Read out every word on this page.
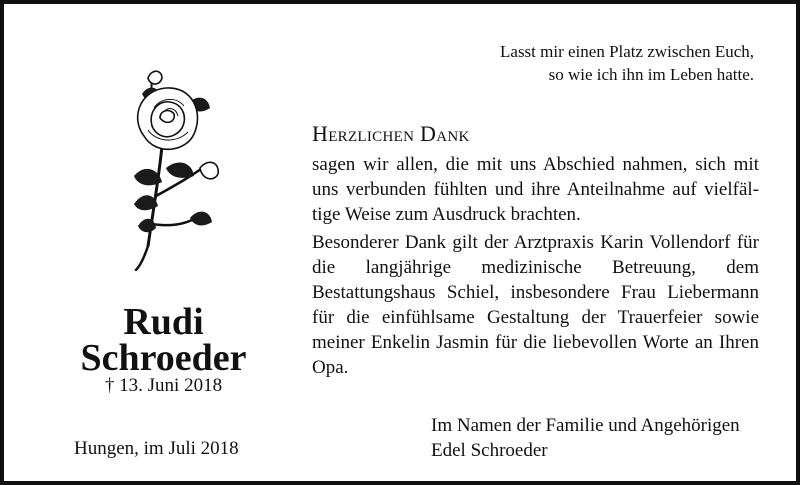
Lasst mir einen Platz zwischen Euch,
so wie ich ihn im Leben hatte.
Rudi
Schroeder
† 13. Juni 2018
Hungen, im Juli 2018
Herzlichen Dank
sagen wir allen, die mit uns Abschied nahmen, sich mit uns verbunden fühlten und ihre Anteilnahme auf vielfältige Weise zum Ausdruck brachten.
Besonderer Dank gilt der Arztpraxis Karin Vollendorf für die langjährige medizinische Betreuung, dem Bestattungshaus Schiel, insbesondere Frau Liebermann für die einfühlsame Gestaltung der Trauerfeier sowie meiner Enkelin Jasmin für die liebevollen Worte an Ihren Opa.
Im Namen der Familie und Angehörigen
Edel Schroeder
